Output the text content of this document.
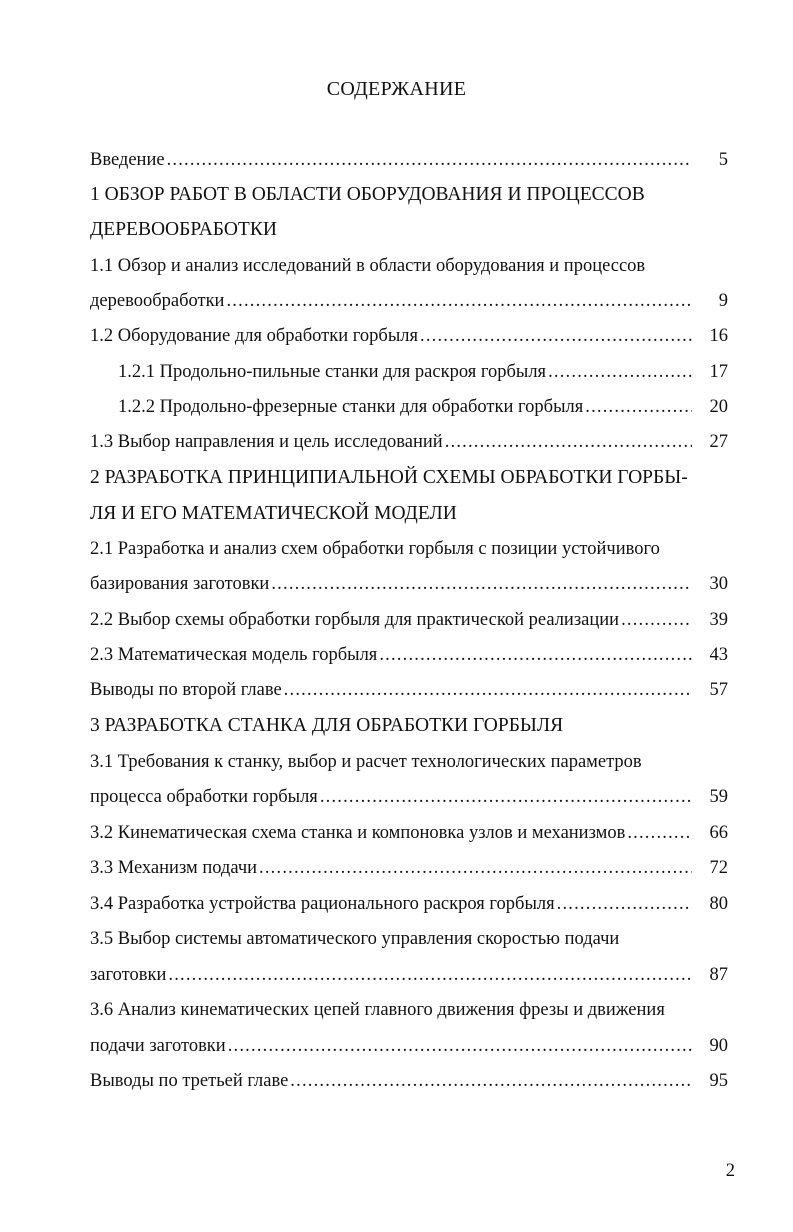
СОДЕРЖАНИЕ
Введение .....	5
1 ОБЗОР РАБОТ В ОБЛАСТИ ОБОРУДОВАНИЯ И ПРОЦЕССОВ
ДЕРЕВООБРАБОТКИ
1.1 Обзор и анализ исследований в области оборудования и процессов
деревообработки .....	9
1.2 Оборудование для обработки горбыля .....	16
1.2.1 Продольно-пильные станки для раскроя горбыля .....	17
1.2.2 Продольно-фрезерные станки для обработки горбыля .....	20
1.3 Выбор направления и цель исследований .....	27
2 РАЗРАБОТКА ПРИНЦИПИАЛЬНОЙ СХЕМЫ ОБРАБОТКИ ГОРБЫ-
ЛЯ И ЕГО МАТЕМАТИЧЕСКОЙ МОДЕЛИ
2.1 Разработка и анализ схем обработки горбыля с позиции устойчивого
базирования заготовки .....	30
2.2 Выбор схемы обработки горбыля для практической реализации .....	39
2.3 Математическая модель горбыля .....	43
Выводы по второй главе .....	57
3 РАЗРАБОТКА СТАНКА ДЛЯ ОБРАБОТКИ ГОРБЫЛЯ
3.1 Требования к станку, выбор и расчет технологических параметров
процесса обработки горбыля .....	59
3.2 Кинематическая схема станка и компоновка узлов и механизмов .....	66
3.3 Механизм подачи .....	72
3.4 Разработка устройства рационального раскроя горбыля .....	80
3.5 Выбор системы автоматического управления скоростью подачи
заготовки .....	87
3.6 Анализ кинематических цепей главного движения фрезы и движения
подачи заготовки .....	90
Выводы по третьей главе .....	95
2
